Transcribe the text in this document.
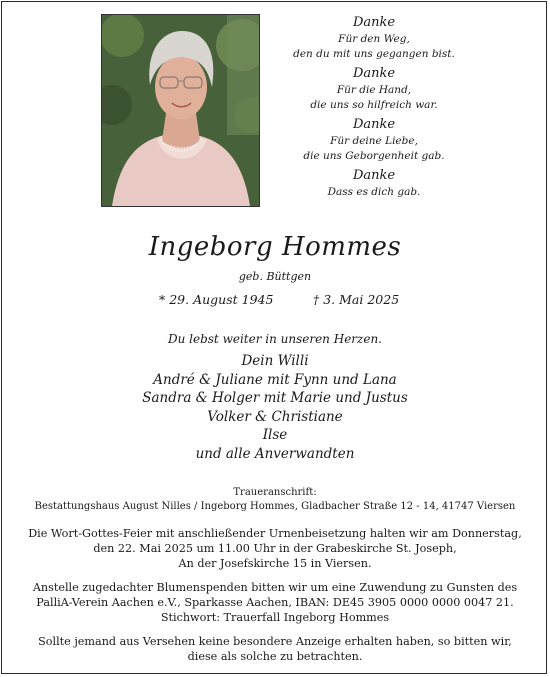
Danke
Für den Weg,
den du mit uns gegangen bist.
Danke
Für die Hand,
die uns so hilfreich war.
Danke
Für deine Liebe,
die uns Geborgenheit gab.
Danke
Dass es dich gab.
Ingeborg Hommes
geb. Büttgen
* 29. August 1945	† 3. Mai 2025
Du lebst weiter in unseren Herzen.
Dein Willi
André & Juliane mit Fynn und Lana
Sandra & Holger mit Marie und Justus
Volker & Christiane
Ilse
und alle Anverwandten
Traueranschrift:
Bestattungshaus August Nilles / Ingeborg Hommes, Gladbacher Straße 12 - 14, 41747 Viersen
Die Wort-Gottes-Feier mit anschließender Urnenbeisetzung halten wir am Donnerstag,
den 22. Mai 2025 um 11.00 Uhr in der Grabeskirche St. Joseph,
An der Josefskirche 15 in Viersen.
Anstelle zugedachter Blumenspenden bitten wir um eine Zuwendung zu Gunsten des
PalliA-Verein Aachen e.V., Sparkasse Aachen, IBAN: DE45 3905 0000 0000 0047 21.
Stichwort: Trauerfall Ingeborg Hommes
Sollte jemand aus Versehen keine besondere Anzeige erhalten haben, so bitten wir,
diese als solche zu betrachten.
